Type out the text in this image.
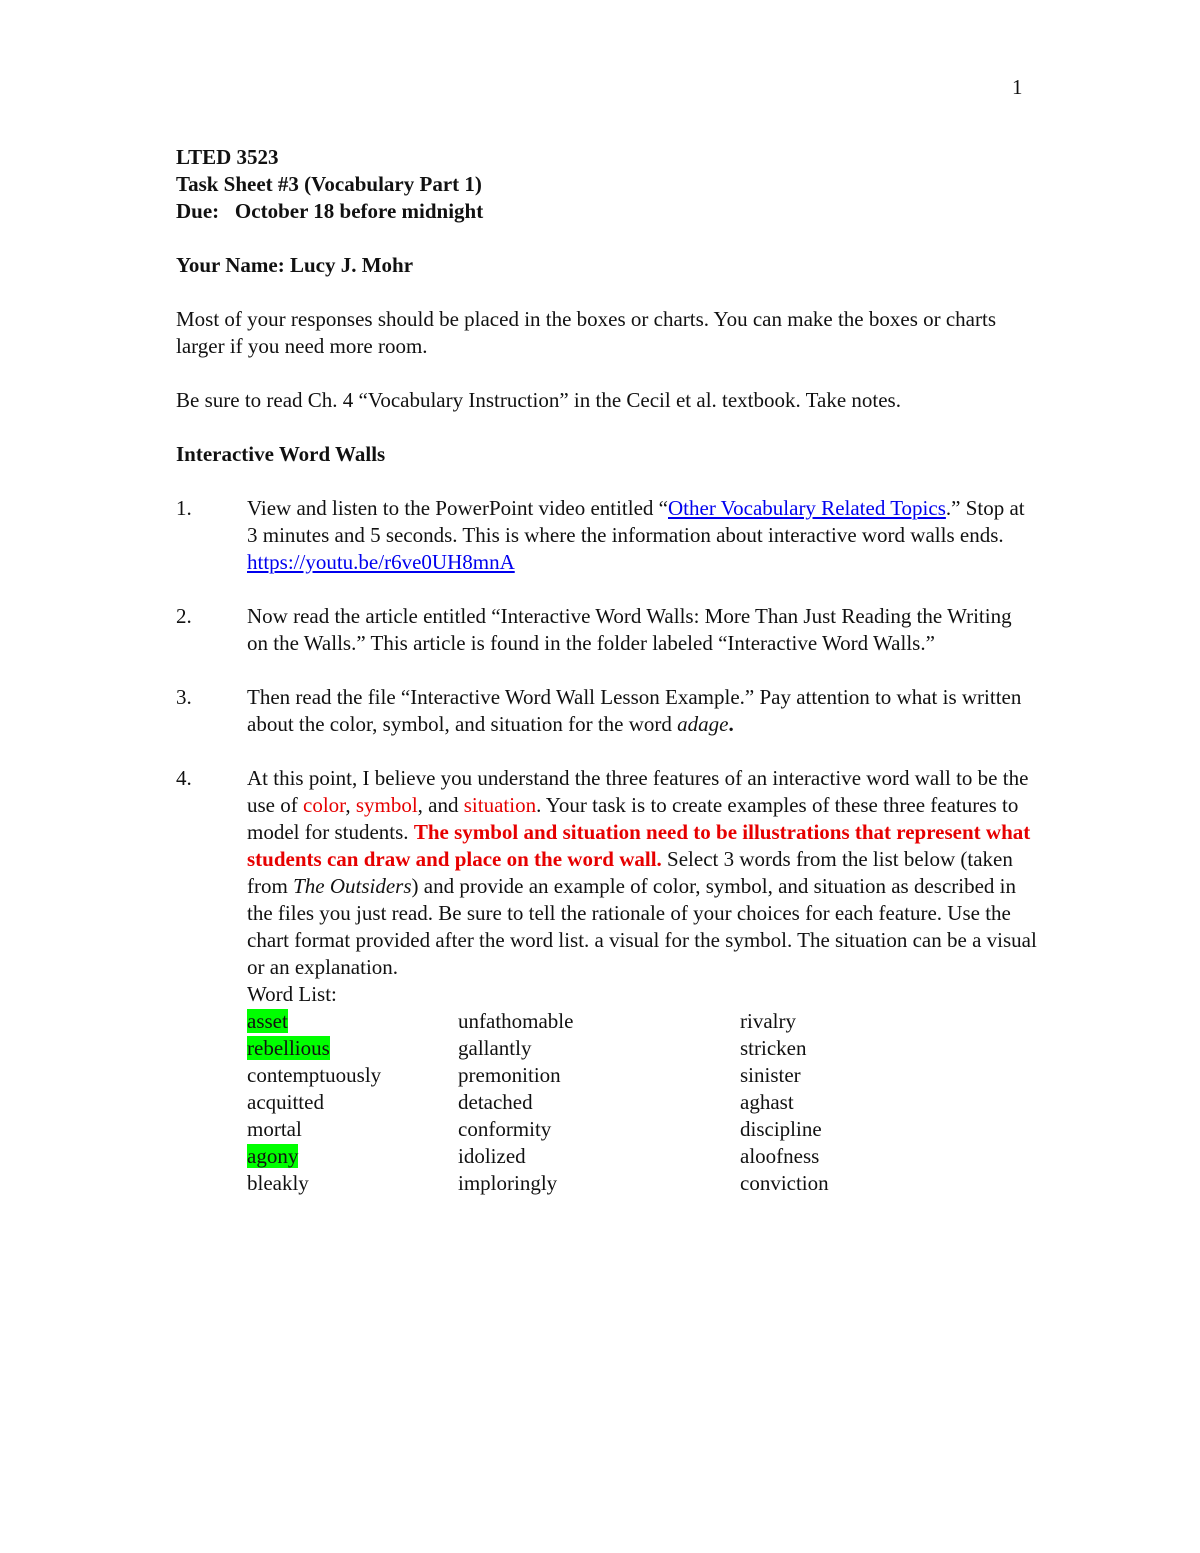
1
LTED 3523
Task Sheet #3 (Vocabulary Part 1)
Due: October 18 before midnight
Your Name: Lucy J. Mohr
Most of your responses should be placed in the boxes or charts. You can make the boxes or charts larger if you need more room.
Be sure to read Ch. 4 “Vocabulary Instruction” in the Cecil et al. textbook. Take notes.
Interactive Word Walls
1.	View and listen to the PowerPoint video entitled “Other Vocabulary Related Topics.” Stop at 3 minutes and 5 seconds. This is where the information about interactive word walls ends.
https://youtu.be/r6ve0UH8mnA
2.	Now read the article entitled “Interactive Word Walls: More Than Just Reading the Writing on the Walls.” This article is found in the folder labeled “Interactive Word Walls.”
3.	Then read the file “Interactive Word Wall Lesson Example.” Pay attention to what is written about the color, symbol, and situation for the word adage.
4.	At this point, I believe you understand the three features of an interactive word wall to be the use of color, symbol, and situation. Your task is to create examples of these three features to model for students. The symbol and situation need to be illustrations that represent what students can draw and place on the word wall. Select 3 words from the list below (taken from The Outsiders) and provide an example of color, symbol, and situation as described in the files you just read. Be sure to tell the rationale of your choices for each feature. Use the chart format provided after the word list. a visual for the symbol. The situation can be a visual or an explanation.
Word List:
asset	unfathomable	rivalry
rebellious	gallantly	stricken
contemptuously	premonition	sinister
acquitted	detached	aghast
mortal	conformity	discipline
agony	idolized	aloofness
bleakly	imploringly	conviction
